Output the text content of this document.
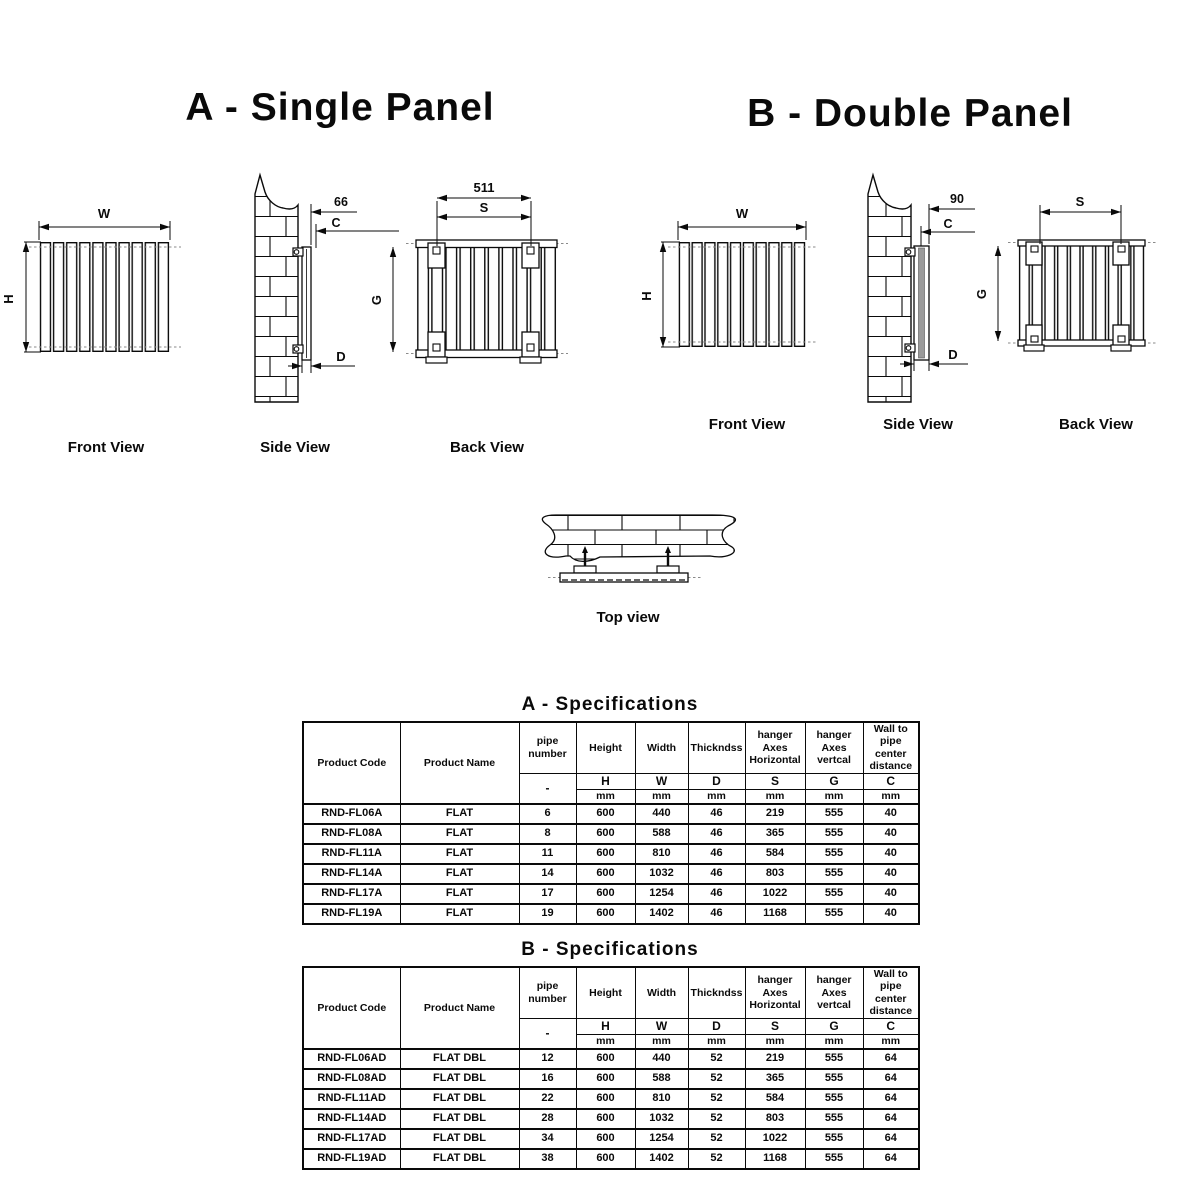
A - Single Panel	B - Double Panel
W
H
Front View
66
C
D
Side View
511
S
G
Back View
W
H
Front View
90
C
D
Side View
S
G
Back View
Top view
A - Specifications
Product Code	Product Name	pipe number	Height	Width	Thickndss	hanger Axes Horizontal	hanger Axes vertcal	Wall to pipe center distance
		-	H	W	D	S	G	C
			mm	mm	mm	mm	mm	mm
RND-FL06A	FLAT	6	600	440	46	219	555	40
RND-FL08A	FLAT	8	600	588	46	365	555	40
RND-FL11A	FLAT	11	600	810	46	584	555	40
RND-FL14A	FLAT	14	600	1032	46	803	555	40
RND-FL17A	FLAT	17	600	1254	46	1022	555	40
RND-FL19A	FLAT	19	600	1402	46	1168	555	40
B - Specifications
Product Code	Product Name	pipe number	Height	Width	Thickndss	hanger Axes Horizontal	hanger Axes vertcal	Wall to pipe center distance
		-	H	W	D	S	G	C
			mm	mm	mm	mm	mm	mm
RND-FL06AD	FLAT DBL	12	600	440	52	219	555	64
RND-FL08AD	FLAT DBL	16	600	588	52	365	555	64
RND-FL11AD	FLAT DBL	22	600	810	52	584	555	64
RND-FL14AD	FLAT DBL	28	600	1032	52	803	555	64
RND-FL17AD	FLAT DBL	34	600	1254	52	1022	555	64
RND-FL19AD	FLAT DBL	38	600	1402	52	1168	555	64
